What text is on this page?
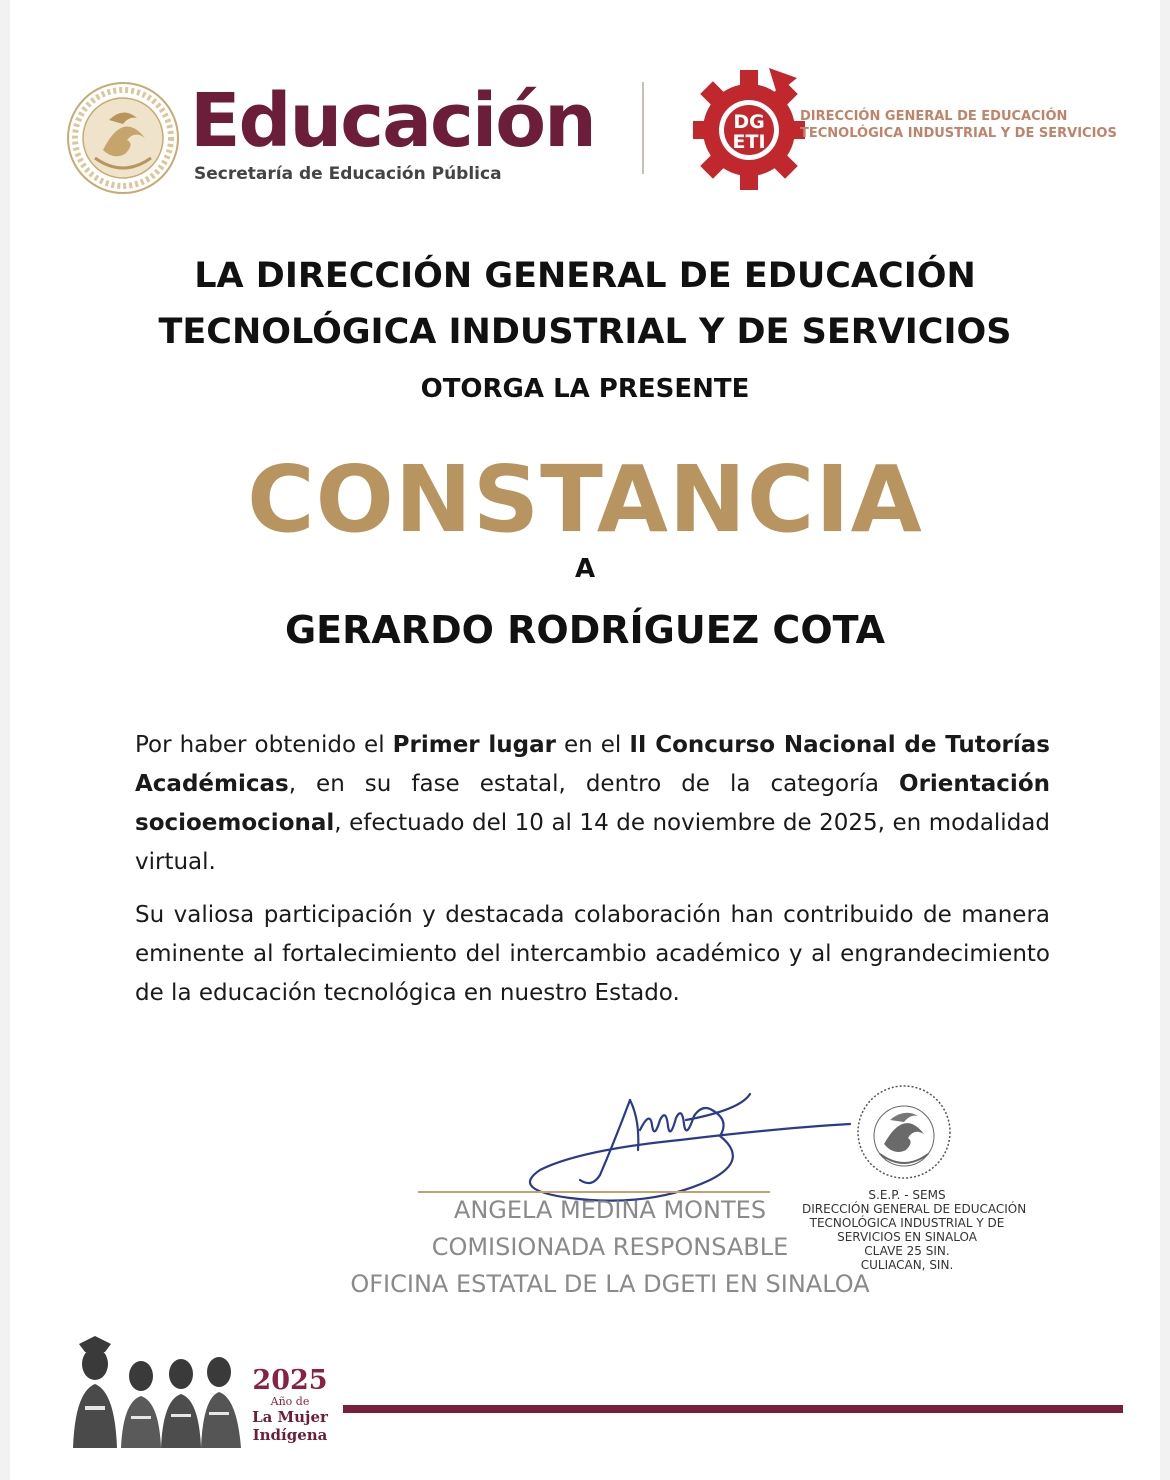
Educación
Secretaría de Educación Pública
DG
ETI
DIRECCIÓN GENERAL DE EDUCACIÓN
TECNOLÓGICA INDUSTRIAL Y DE SERVICIOS
LA DIRECCIÓN GENERAL DE EDUCACIÓN
TECNOLÓGICA INDUSTRIAL Y DE SERVICIOS
OTORGA LA PRESENTE
CONSTANCIA
A
GERARDO RODRÍGUEZ COTA
Por haber obtenido el Primer lugar en el II Concurso Nacional de Tutorías Académicas, en su fase estatal, dentro de la categoría Orientación socioemocional, efectuado del 10 al 14 de noviembre de 2025, en modalidad virtual.
Su valiosa participación y destacada colaboración han contribuido de manera eminente al fortalecimiento del intercambio académico y al engrandecimiento de la educación tecnológica en nuestro Estado.
ANGELA MEDINA MONTES
COMISIONADA RESPONSABLE
OFICINA ESTATAL DE LA DGETI EN SINALOA
S.E.P. - SEMS
DIRECCIÓN GENERAL DE EDUCACIÓN
TECNOLÓGICA INDUSTRIAL Y DE
SERVICIOS EN SINALOA
CLAVE 25 SIN.
CULIACAN, SIN.
2025
Año de
La Mujer
Indígena
